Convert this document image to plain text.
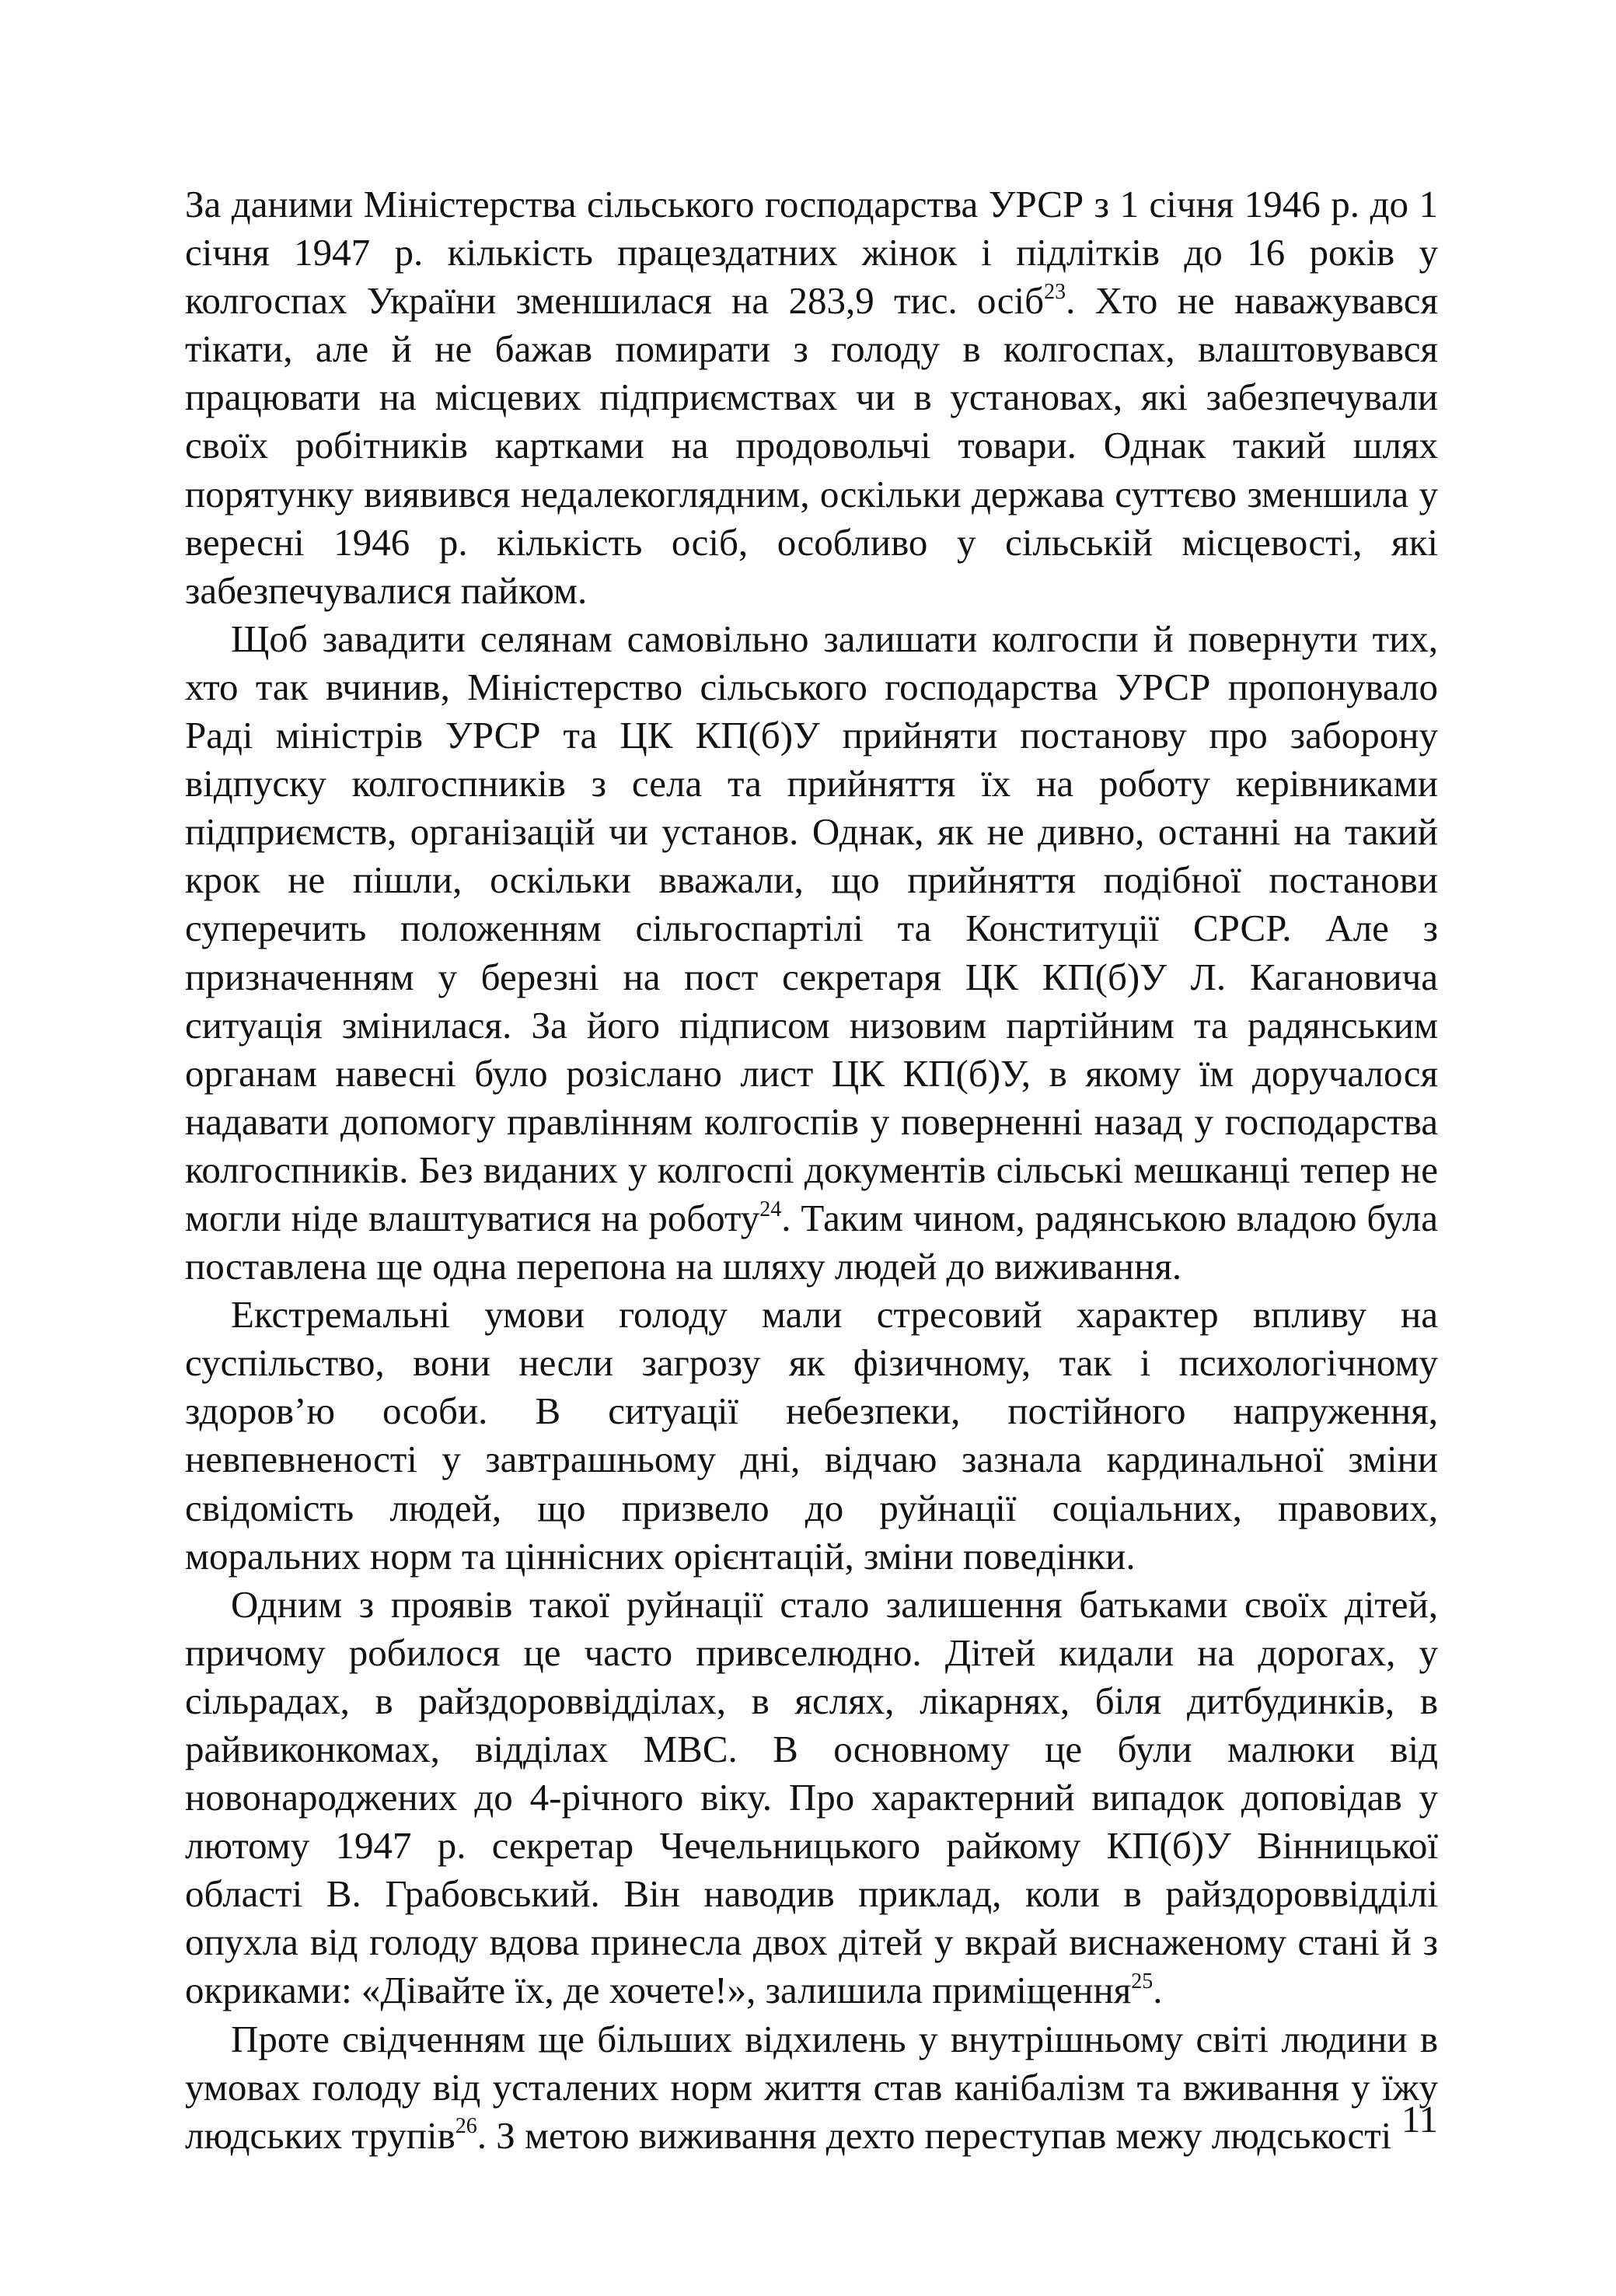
За даними Міністерства сільського господарства УРСР з 1 січня 1946 р. до 1 січня 1947 р. кількість працездатних жінок і підлітків до 16 років у колгоспах України зменшилася на 283,9 тис. осіб$^{23}$. Хто не наважувався тікати, але й не бажав помирати з голоду в колгоспах, влаштовувався працювати на місцевих підприємствах чи в установах, які забезпечували своїх робітників картками на продовольчі товари. Однак такий шлях порятунку виявився недалекоглядним, оскільки держава суттєво зменшила у вересні 1946 р. кількість осіб, особливо у сільській місцевості, які забезпечувалися пайком.

Щоб завадити селянам самовільно залишати колгоспи й повернути тих, хто так вчинив, Міністерство сільського господарства УРСР пропонувало Раді міністрів УРСР та ЦК КП(б)У прийняти постанову про заборону відпуску колгоспників з села та прийняття їх на роботу керівниками підприємств, організацій чи установ. Однак, як не дивно, останні на такий крок не пішли, оскільки вважали, що прийняття подібної постанови суперечить положенням сільгоспартілі та Конституції СРСР. Але з призначенням у березні на пост секретаря ЦК КП(б)У Л. Кагановича ситуація змінилася. За його підписом низовим партійним та радянським органам навесні було розіслано лист ЦК КП(б)У, в якому їм доручалося надавати допомогу правлінням колгоспів у поверненні назад у господарства колгоспників. Без виданих у колгоспі документів сільські мешканці тепер не могли ніде влаштуватися на роботу$^{24}$. Таким чином, радянською владою була поставлена ще одна перепона на шляху людей до виживання.

Екстремальні умови голоду мали стресовий характер впливу на суспільство, вони несли загрозу як фізичному, так і психологічному здоров’ю особи. В ситуації небезпеки, постійного напруження, невпевненості у завтрашньому дні, відчаю зазнала кардинальної зміни свідомість людей, що призвело до руйнації соціальних, правових, моральних норм та ціннісних орієнтацій, зміни поведінки.

Одним з проявів такої руйнації стало залишення батьками своїх дітей, причому робилося це часто привселюдно. Дітей кидали на дорогах, у сільрадах, в райздороввідділах, в яслях, лікарнях, біля дитбудинків, в райвиконкомах, відділах МВС. В основному це були малюки від новонароджених до 4-річного віку. Про характерний випадок доповідав у лютому 1947 р. секретар Чечельницького райкому КП(б)У Вінницької області В. Грабовський. Він наводив приклад, коли в райздороввідділі опухла від голоду вдова принесла двох дітей у вкрай виснаженому стані й з окриками: «Дівайте їх, де хочете!», залишила приміщення$^{25}$.

Проте свідченням ще більших відхилень у внутрішньому світі людини в умовах голоду від усталених норм життя став канібалізм та вживання у їжу людських трупів$^{26}$. З метою виживання дехто переступав межу людськості 11
